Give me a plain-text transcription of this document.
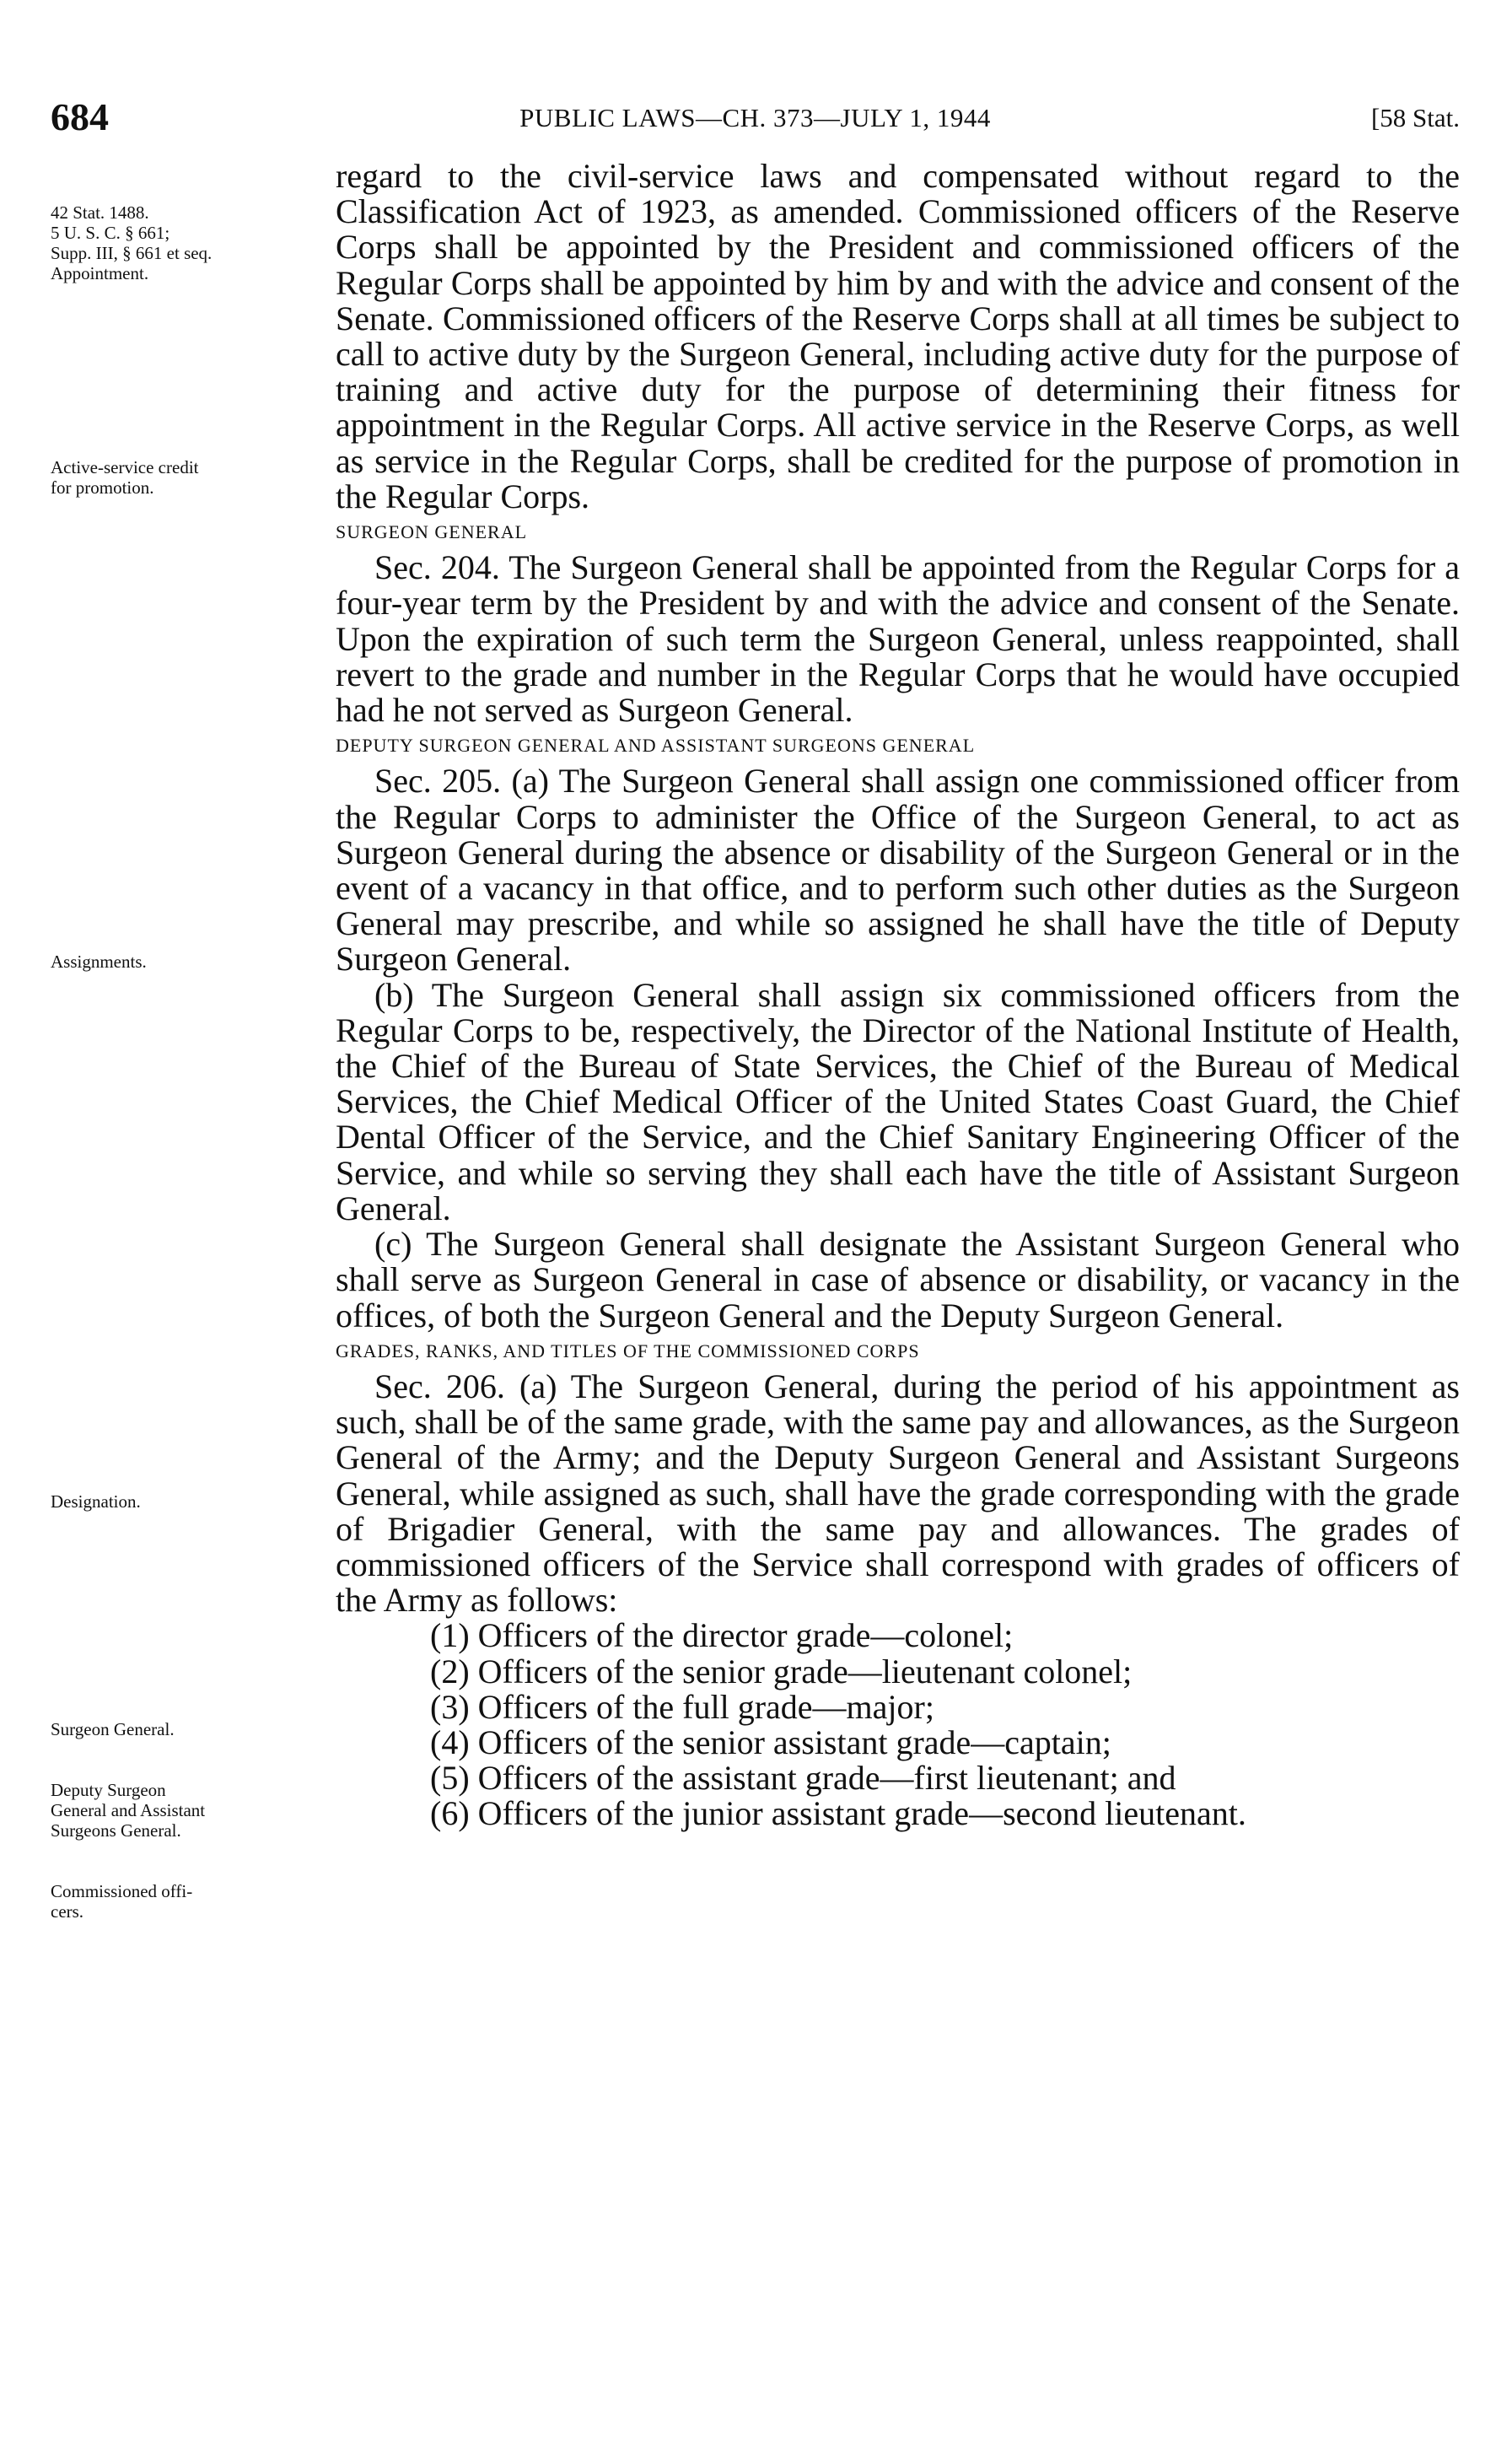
684	PUBLIC LAWS—CH. 373—JULY 1, 1944	[58 Stat.
42 Stat. 1488.
5 U. S. C. § 661;
Supp. III, § 661 et seq.
Appointment.
Active-service credit
for promotion.
Assignments.
Designation.
Surgeon General.
Deputy Surgeon
General and Assistant
Surgeons General.
Commissioned offi-
cers.

regard to the civil-service laws and compensated without regard to the Classification Act of 1923, as amended. Commissioned officers of the Reserve Corps shall be appointed by the President and commissioned officers of the Regular Corps shall be appointed by him by and with the advice and consent of the Senate. Commissioned officers of the Reserve Corps shall at all times be subject to call to active duty by the Surgeon General, including active duty for the purpose of training and active duty for the purpose of determining their fitness for appointment in the Regular Corps. All active service in the Reserve Corps, as well as service in the Regular Corps, shall be credited for the purpose of promotion in the Regular Corps.

SURGEON GENERAL

Sec. 204. The Surgeon General shall be appointed from the Regular Corps for a four-year term by the President by and with the advice and consent of the Senate. Upon the expiration of such term the Surgeon General, unless reappointed, shall revert to the grade and number in the Regular Corps that he would have occupied had he not served as Surgeon General.

DEPUTY SURGEON GENERAL AND ASSISTANT SURGEONS GENERAL

Sec. 205. (a) The Surgeon General shall assign one commissioned officer from the Regular Corps to administer the Office of the Surgeon General, to act as Surgeon General during the absence or disability of the Surgeon General or in the event of a vacancy in that office, and to perform such other duties as the Surgeon General may prescribe, and while so assigned he shall have the title of Deputy Surgeon General.

(b) The Surgeon General shall assign six commissioned officers from the Regular Corps to be, respectively, the Director of the National Institute of Health, the Chief of the Bureau of State Services, the Chief of the Bureau of Medical Services, the Chief Medical Officer of the United States Coast Guard, the Chief Dental Officer of the Service, and the Chief Sanitary Engineering Officer of the Service, and while so serving they shall each have the title of Assistant Surgeon General.

(c) The Surgeon General shall designate the Assistant Surgeon General who shall serve as Surgeon General in case of absence or disability, or vacancy in the offices, of both the Surgeon General and the Deputy Surgeon General.

GRADES, RANKS, AND TITLES OF THE COMMISSIONED CORPS

Sec. 206. (a) The Surgeon General, during the period of his appointment as such, shall be of the same grade, with the same pay and allowances, as the Surgeon General of the Army; and the Deputy Surgeon General and Assistant Surgeons General, while assigned as such, shall have the grade corresponding with the grade of Brigadier General, with the same pay and allowances. The grades of commissioned officers of the Service shall correspond with grades of officers of the Army as follows:

(1) Officers of the director grade—colonel;
(2) Officers of the senior grade—lieutenant colonel;
(3) Officers of the full grade—major;
(4) Officers of the senior assistant grade—captain;
(5) Officers of the assistant grade—first lieutenant; and
(6) Officers of the junior assistant grade—second lieutenant.
